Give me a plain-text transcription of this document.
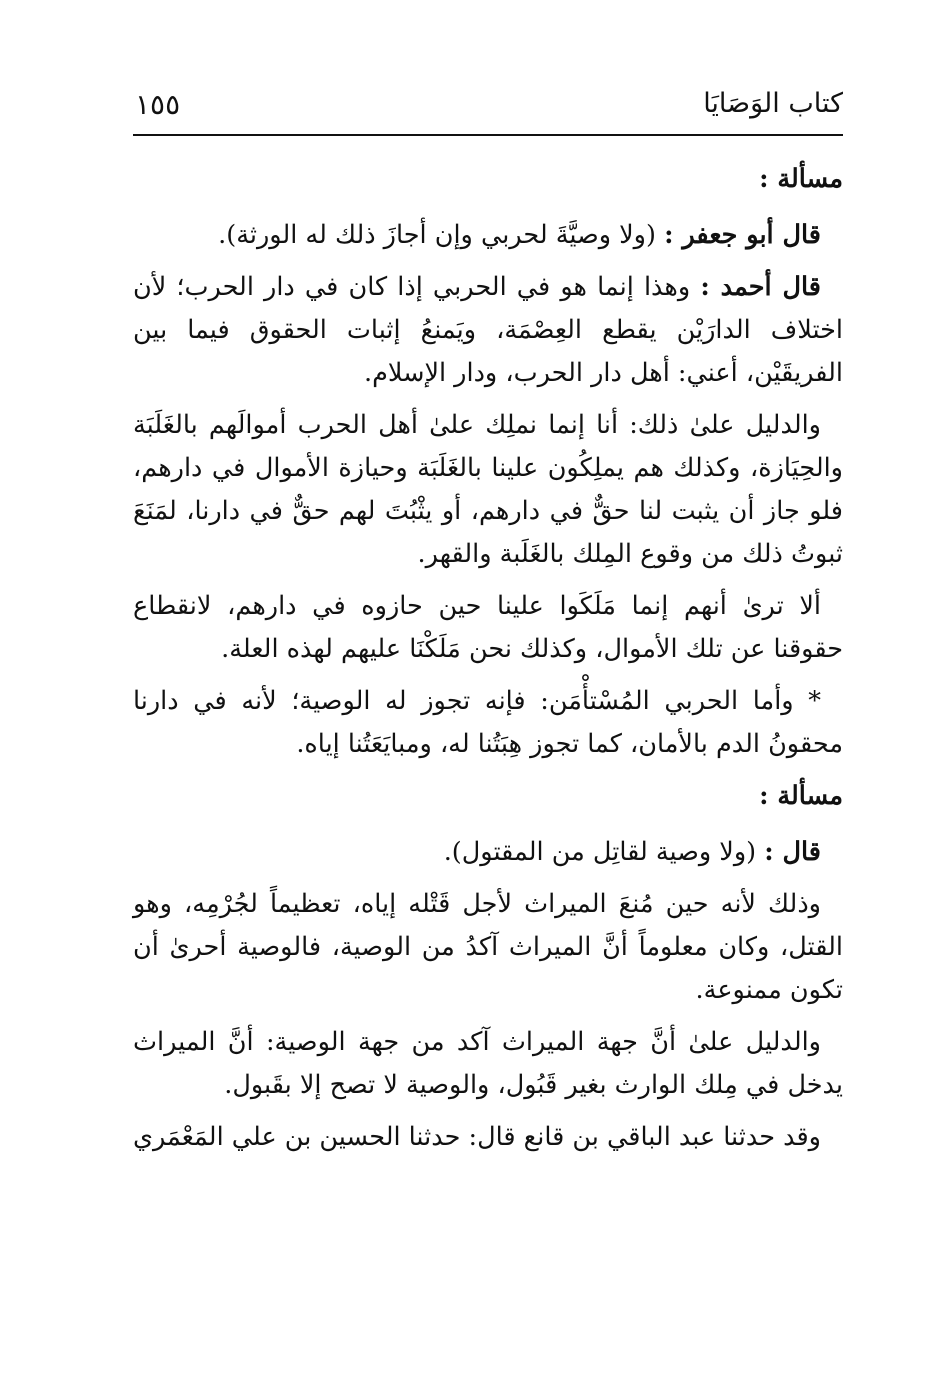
كتاب الوَصَايَا
١٥٥

مسألة :

قال أبو جعفر : (ولا وصيَّةَ لحربي وإن أجازَ ذلك له الورثة).

قال أحمد : وهذا إنما هو في الحربي إذا كان في دار الحرب؛ لأن اختلاف الدارَيْن يقطع العِصْمَة، ويَمنعُ إثبات الحقوق فيما بين الفريقَيْن، أعني: أهل دار الحرب، ودار الإسلام.

والدليل علىٰ ذلك: أنا إنما نملِك علىٰ أهل الحرب أموالَهم بالغَلَبَة والحِيَازة، وكذلك هم يملِكُون علينا بالغَلَبَة وحيازة الأموال في دارهم، فلو جاز أن يثبت لنا حقٌّ في دارهم، أو يثْبُتَ لهم حقٌّ في دارنا، لمَنَعَ ثبوتُ ذلك من وقوع المِلك بالغَلَبة والقهر.

ألا ترىٰ أنهم إنما مَلَكَوا علينا حين حازوه في دارهم، لانقطاع حقوقنا عن تلك الأموال، وكذلك نحن مَلَكْنَا عليهم لهذه العلة.

* وأما الحربي المُسْتأْمَن: فإنه تجوز له الوصية؛ لأنه في دارنا محقونُ الدم بالأمان، كما تجوز هِبَتُنا له، ومبايَعَتُنا إياه.

مسألة :

قال : (ولا وصية لقاتِل من المقتول).

وذلك لأنه حين مُنعَ الميراث لأجل قَتْله إياه، تعظيماً لجُرْمِه، وهو القتل، وكان معلوماً أنَّ الميراث آكدُ من الوصية، فالوصية أحرىٰ أن تكون ممنوعة.

والدليل علىٰ أنَّ جهة الميراث آكد من جهة الوصية: أنَّ الميراث يدخل في مِلك الوارث بغير قَبُول، والوصية لا تصح إلا بقَبول.

وقد حدثنا عبد الباقي بن قانع قال: حدثنا الحسين بن علي المَعْمَري
